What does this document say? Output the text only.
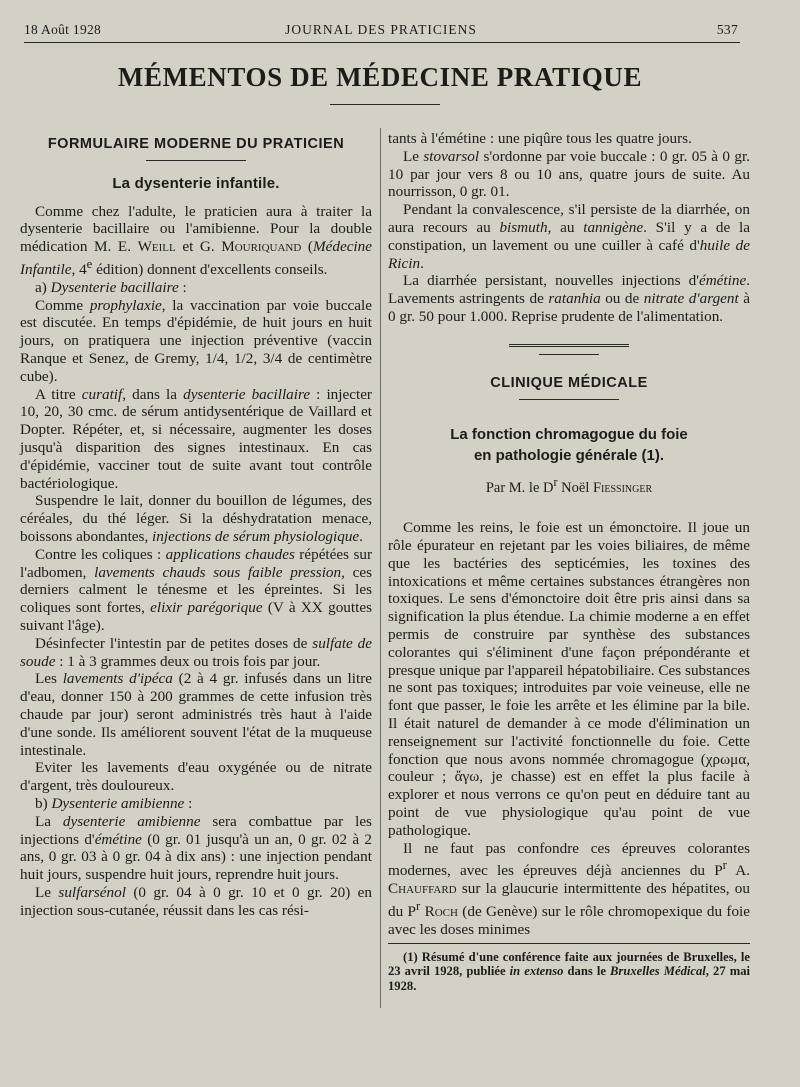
18 Août 1928	JOURNAL DES PRATICIENS	537
MÉMENTOS DE MÉDECINE PRATIQUE
FORMULAIRE MODERNE DU PRATICIEN
La dysenterie infantile.

Comme chez l'adulte, le praticien aura à traiter la dysenterie bacillaire ou l'amibienne. Pour la double médication M. E. Weill et G. Mouriquand (Médecine Infantile, 4e édition) donnent d'excellents conseils.

a) Dysenterie bacillaire :

Comme prophylaxie, la vaccination par voie buccale est discutée. En temps d'épidémie, de huit jours en huit jours, on pratiquera une injection préventive (vaccin Ranque et Senez, de Gremy, 1/4, 1/2, 3/4 de centimètre cube).

A titre curatif, dans la dysenterie bacillaire : injecter 10, 20, 30 cmc. de sérum antidysentérique de Vaillard et Dopter. Répéter, et, si nécessaire, augmenter les doses jusqu'à disparition des signes intestinaux. En cas d'épidémie, vacciner tout de suite avant tout contrôle bactériologique.

Suspendre le lait, donner du bouillon de légumes, des céréales, du thé léger. Si la déshydratation menace, boissons abondantes, injections de sérum physiologique.

Contre les coliques : applications chaudes répétées sur l'adbomen, lavements chauds sous faible pression, ces derniers calment le ténesme et les épreintes. Si les coliques sont fortes, elixir parégorique (V à XX gouttes suivant l'âge).

Désinfecter l'intestin par de petites doses de sulfate de soude : 1 à 3 grammes deux ou trois fois par jour.

Les lavements d'ipéca (2 à 4 gr. infusés dans un litre d'eau, donner 150 à 200 grammes de cette infusion très chaude par jour) seront administrés très haut à l'aide d'une sonde. Ils améliorent souvent l'état de la muqueuse intestinale.

Eviter les lavements d'eau oxygénée ou de nitrate d'argent, très douloureux.

b) Dysenterie amibienne :

La dysenterie amibienne sera combattue par les injections d'émétine (0 gr. 01 jusqu'à un an, 0 gr. 02 à 2 ans, 0 gr. 03 à 0 gr. 04 à dix ans) : une injection pendant huit jours, suspendre huit jours, reprendre huit jours.

Le sulfarsénol (0 gr. 04 à 0 gr. 10 et 0 gr. 20) en injection sous-cutanée, réussit dans les cas rési-

tants à l'émétine : une piqûre tous les quatre jours.

Le stovarsol s'ordonne par voie buccale : 0 gr. 05 à 0 gr. 10 par jour vers 8 ou 10 ans, quatre jours de suite. Au nourrisson, 0 gr. 01.

Pendant la convalescence, s'il persiste de la diarrhée, on aura recours au bismuth, au tannigène. S'il y a de la constipation, un lavement ou une cuiller à café d'huile de Ricin.

La diarrhée persistant, nouvelles injections d'émétine. Lavements astringents de ratanhia ou de nitrate d'argent à 0 gr. 50 pour 1.000. Reprise prudente de l'alimentation.

CLINIQUE MÉDICALE
La fonction chromagogue du foie
en pathologie générale (1).
Par M. le $D^r$ Noël Fiessinger

Comme les reins, le foie est un émonctoire. Il joue un rôle épurateur en rejetant par les voies biliaires, de même que les bactéries des septicémies, les toxines des intoxications et même certaines substances étrangères non toxiques. Le sens d'émonctoire doit être pris ainsi dans sa signification la plus étendue. La chimie moderne a en effet permis de construire par synthèse des substances colorantes qui s'éliminent d'une façon prépondérante et presque unique par l'appareil hépatobiliaire. Ces substances ne sont pas toxiques; introduites par voie veineuse, elle ne font que passer, le foie les arrête et les élimine par la bile. Il était naturel de demander à ce mode d'élimination un renseignement sur l'activité fonctionnelle du foie. Cette fonction que nous avons nommée chromagogue (χρωμα, couleur ; ἄγω, je chasse) est en effet la plus facile à explorer et nous verrons ce qu'on peut en déduire tant au point de vue physiologique qu'au point de vue pathologique.

Il ne faut pas confondre ces épreuves colorantes modernes, avec les épreuves déjà anciennes du $P^r$ A. Chauffard sur la glaucurie intermittente des hépatites, ou du $P^r$ Roch (de Genève) sur le rôle chromopexique du foie avec les doses minimes

(1) Résumé d'une conférence faite aux journées de Bruxelles, le 23 avril 1928, publiée in extenso dans le Bruxelles Médical, 27 mai 1928.
